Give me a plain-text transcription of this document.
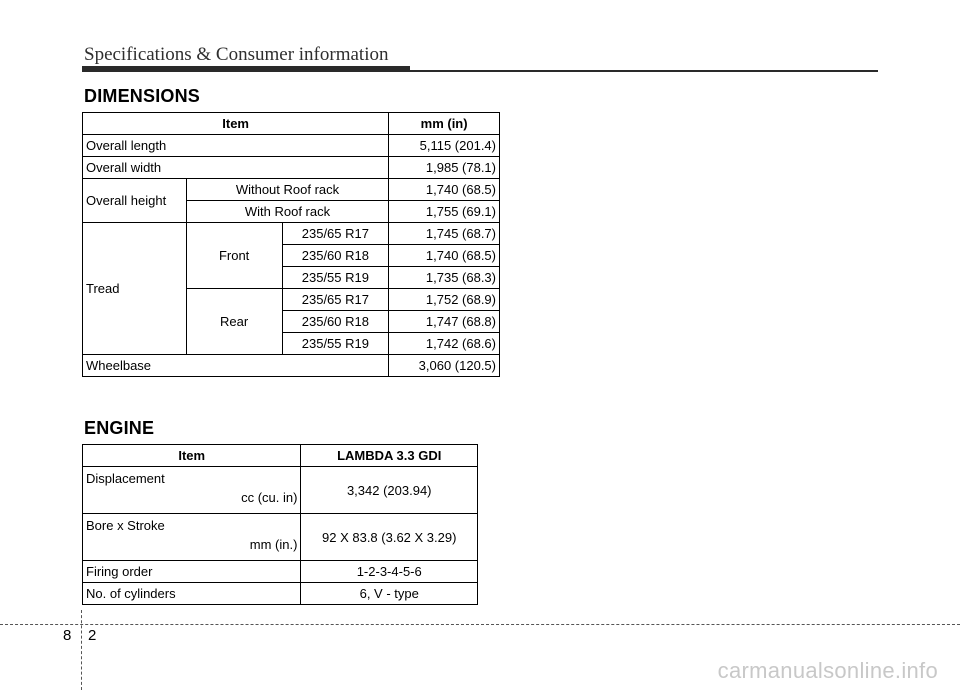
Specifications & Consumer information
DIMENSIONS
Item			mm (in)
Overall length			5,115 (201.4)
Overall width			1,985 (78.1)
Overall height	Without Roof rack		1,740 (68.5)
	With Roof rack		1,755 (69.1)
Tread	Front	235/65 R17	1,745 (68.7)
		235/60 R18	1,740 (68.5)
		235/55 R19	1,735 (68.3)
	Rear	235/65 R17	1,752 (68.9)
		235/60 R18	1,747 (68.8)
		235/55 R19	1,742 (68.6)
Wheelbase			3,060 (120.5)
ENGINE
Item	LAMBDA 3.3 GDI
Displacement
cc (cu. in)	3,342 (203.94)
Bore x Stroke
mm (in.)	92 X 83.8 (3.62 X 3.29)
Firing order	1-2-3-4-5-6
No. of cylinders	6, V - type
8 2
carmanualsonline.info
